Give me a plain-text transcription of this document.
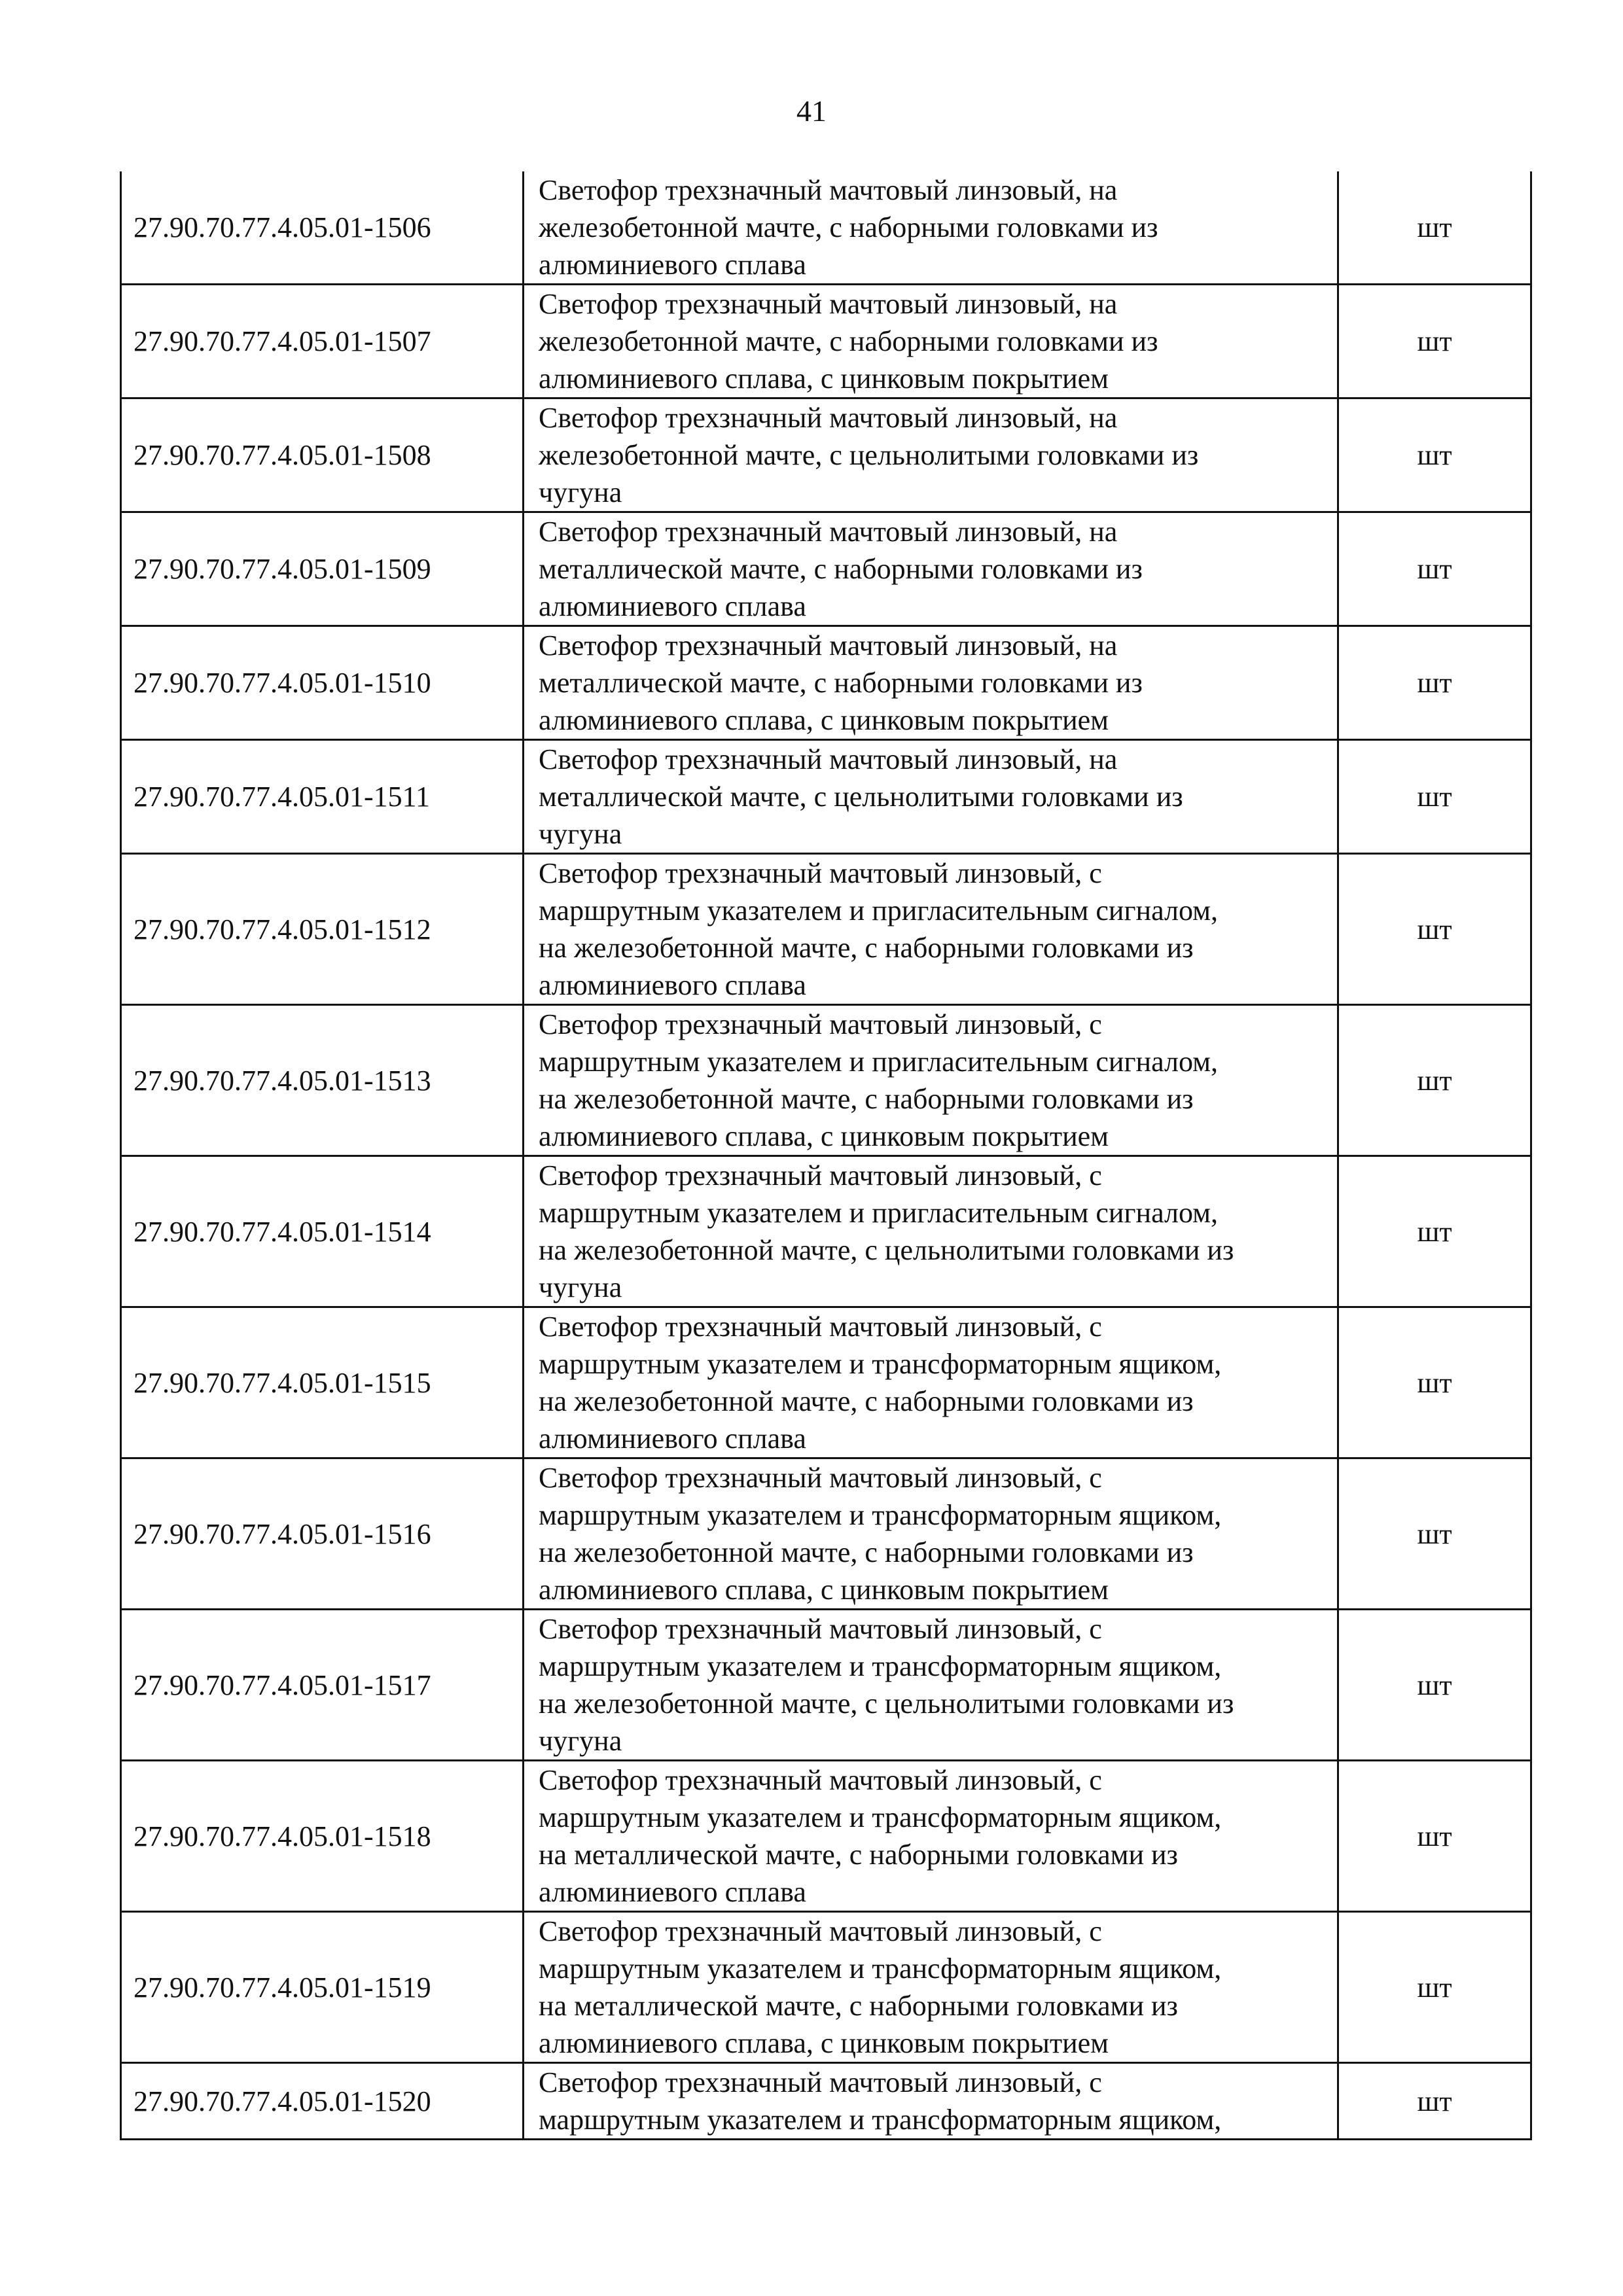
41
27.90.70.77.4.05.01-1506	Светофор трехзначный мачтовый линзовый, на
железобетонной мачте, с наборными головками из
алюминиевого сплава	шт
27.90.70.77.4.05.01-1507	Светофор трехзначный мачтовый линзовый, на
железобетонной мачте, с наборными головками из
алюминиевого сплава, с цинковым покрытием	шт
27.90.70.77.4.05.01-1508	Светофор трехзначный мачтовый линзовый, на
железобетонной мачте, с цельнолитыми головками из
чугуна	шт
27.90.70.77.4.05.01-1509	Светофор трехзначный мачтовый линзовый, на
металлической мачте, с наборными головками из
алюминиевого сплава	шт
27.90.70.77.4.05.01-1510	Светофор трехзначный мачтовый линзовый, на
металлической мачте, с наборными головками из
алюминиевого сплава, с цинковым покрытием	шт
27.90.70.77.4.05.01-1511	Светофор трехзначный мачтовый линзовый, на
металлической мачте, с цельнолитыми головками из
чугуна	шт
27.90.70.77.4.05.01-1512	Светофор трехзначный мачтовый линзовый, с
маршрутным указателем и пригласительным сигналом,
на железобетонной мачте, с наборными головками из
алюминиевого сплава	шт
27.90.70.77.4.05.01-1513	Светофор трехзначный мачтовый линзовый, с
маршрутным указателем и пригласительным сигналом,
на железобетонной мачте, с наборными головками из
алюминиевого сплава, с цинковым покрытием	шт
27.90.70.77.4.05.01-1514	Светофор трехзначный мачтовый линзовый, с
маршрутным указателем и пригласительным сигналом,
на железобетонной мачте, с цельнолитыми головками из
чугуна	шт
27.90.70.77.4.05.01-1515	Светофор трехзначный мачтовый линзовый, с
маршрутным указателем и трансформаторным ящиком,
на железобетонной мачте, с наборными головками из
алюминиевого сплава	шт
27.90.70.77.4.05.01-1516	Светофор трехзначный мачтовый линзовый, с
маршрутным указателем и трансформаторным ящиком,
на железобетонной мачте, с наборными головками из
алюминиевого сплава, с цинковым покрытием	шт
27.90.70.77.4.05.01-1517	Светофор трехзначный мачтовый линзовый, с
маршрутным указателем и трансформаторным ящиком,
на железобетонной мачте, с цельнолитыми головками из
чугуна	шт
27.90.70.77.4.05.01-1518	Светофор трехзначный мачтовый линзовый, с
маршрутным указателем и трансформаторным ящиком,
на металлической мачте, с наборными головками из
алюминиевого сплава	шт
27.90.70.77.4.05.01-1519	Светофор трехзначный мачтовый линзовый, с
маршрутным указателем и трансформаторным ящиком,
на металлической мачте, с наборными головками из
алюминиевого сплава, с цинковым покрытием	шт
27.90.70.77.4.05.01-1520	Светофор трехзначный мачтовый линзовый, с
маршрутным указателем и трансформаторным ящиком,	шт
